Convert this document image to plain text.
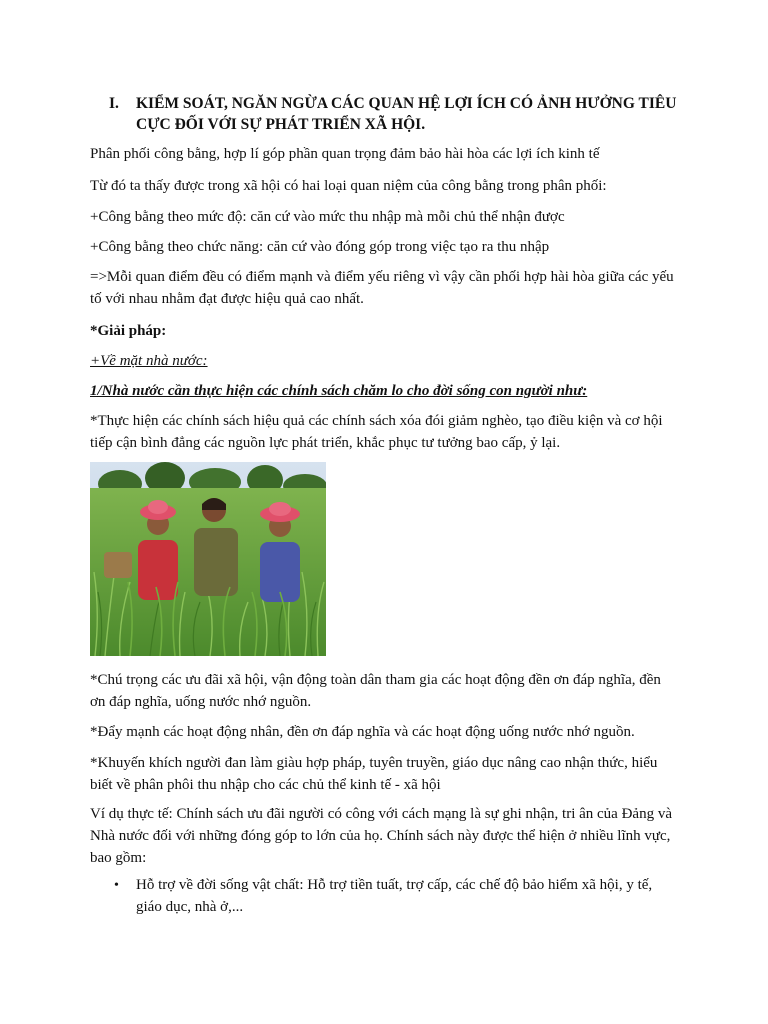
I. KIỂM SOÁT, NGĂN NGỪA CÁC QUAN HỆ LỢI ÍCH CÓ ẢNH HƯỞNG TIÊU
CỰC ĐỐI VỚI SỰ PHÁT TRIỂN XÃ HỘI.
Phân phối công bằng, hợp lí góp phần quan trọng đảm bảo hài hòa các lợi ích kinh tế
Từ đó ta thấy được trong xã hội có hai loại quan niệm của công bằng trong phân phối:
+Công bằng theo mức độ: căn cứ vào mức thu nhập mà mỗi chủ thể nhận được
+Công bằng theo chức năng: căn cứ vào đóng góp trong việc tạo ra thu nhập
=>Mỗi quan điểm đều có điểm mạnh và điểm yếu riêng vì vậy cần phối hợp hài hòa giữa các yếu
tố với nhau nhằm đạt được hiệu quả cao nhất.
*Giải pháp:
+Về mặt nhà nước:
1/Nhà nước cần thực hiện các chính sách chăm lo cho đời sống con người như:
*Thực hiện các chính sách hiệu quả các chính sách xóa đói giảm nghèo, tạo điều kiện và cơ hội
tiếp cận bình đẳng các nguồn lực phát triển, khắc phục tư tưởng bao cấp, ỷ lại.
*Chú trọng các ưu đãi xã hội, vận động toàn dân tham gia các hoạt động đền ơn đáp nghĩa, đền
ơn đáp nghĩa, uống nước nhớ nguồn.
*Đẩy mạnh các hoạt động nhân, đền ơn đáp nghĩa và các hoạt động uống nước nhớ nguồn.
*Khuyến khích người đan làm giàu hợp pháp, tuyên truyền, giáo dục nâng cao nhận thức, hiểu
biết về phân phôi thu nhập cho các chủ thể kinh tế - xã hội
Ví dụ thực tế: Chính sách ưu đãi người có công với cách mạng là sự ghi nhận, tri ân của Đảng và
Nhà nước đối với những đóng góp to lớn của họ. Chính sách này được thể hiện ở nhiều lĩnh vực,
bao gồm:
• Hỗ trợ về đời sống vật chất: Hỗ trợ tiền tuất, trợ cấp, các chế độ bảo hiểm xã hội, y tế,
giáo dục, nhà ở,...
